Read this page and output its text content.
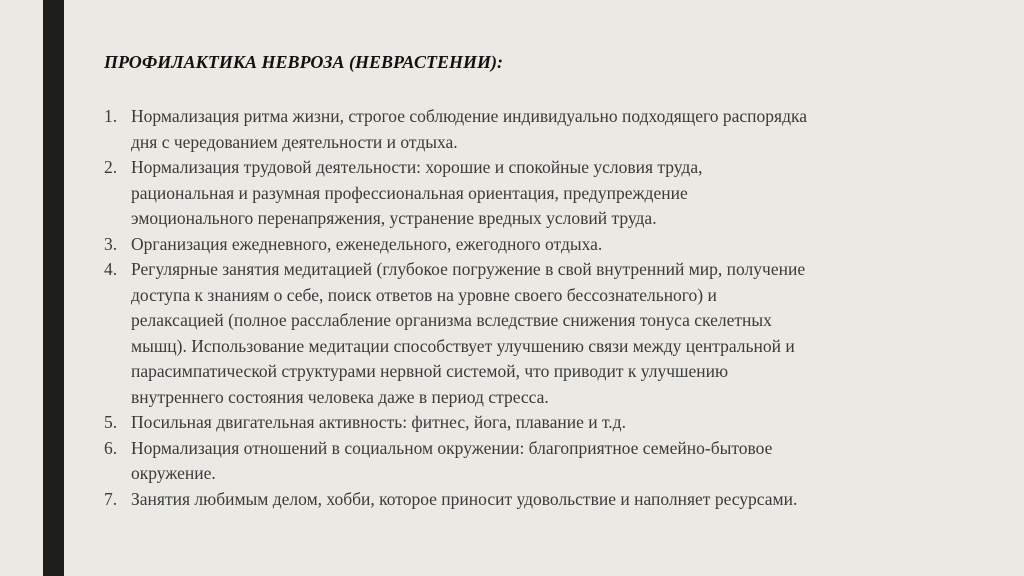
ПРОФИЛАКТИКА НЕВРОЗА (НЕВРАСТЕНИИ):
1. Нормализация ритма жизни, строгое соблюдение индивидуально подходящего распорядка
дня с чередованием деятельности и отдыха.
2. Нормализация трудовой деятельности: хорошие и спокойные условия труда,
рациональная и разумная профессиональная ориентация, предупреждение
эмоционального перенапряжения, устранение вредных условий труда.
3. Организация ежедневного, еженедельного, ежегодного отдыха.
4. Регулярные занятия медитацией (глубокое погружение в свой внутренний мир, получение
доступа к знаниям о себе, поиск ответов на уровне своего бессознательного) и
релаксацией (полное расслабление организма вследствие снижения тонуса скелетных
мышц). Использование медитации способствует улучшению связи между центральной и
парасимпатической структурами нервной системой, что приводит к улучшению
внутреннего состояния человека даже в период стресса.
5. Посильная двигательная активность: фитнес, йога, плавание и т.д.
6. Нормализация отношений в социальном окружении: благоприятное семейно-бытовое
окружение.
7. Занятия любимым делом, хобби, которое приносит удовольствие и наполняет ресурсами.
